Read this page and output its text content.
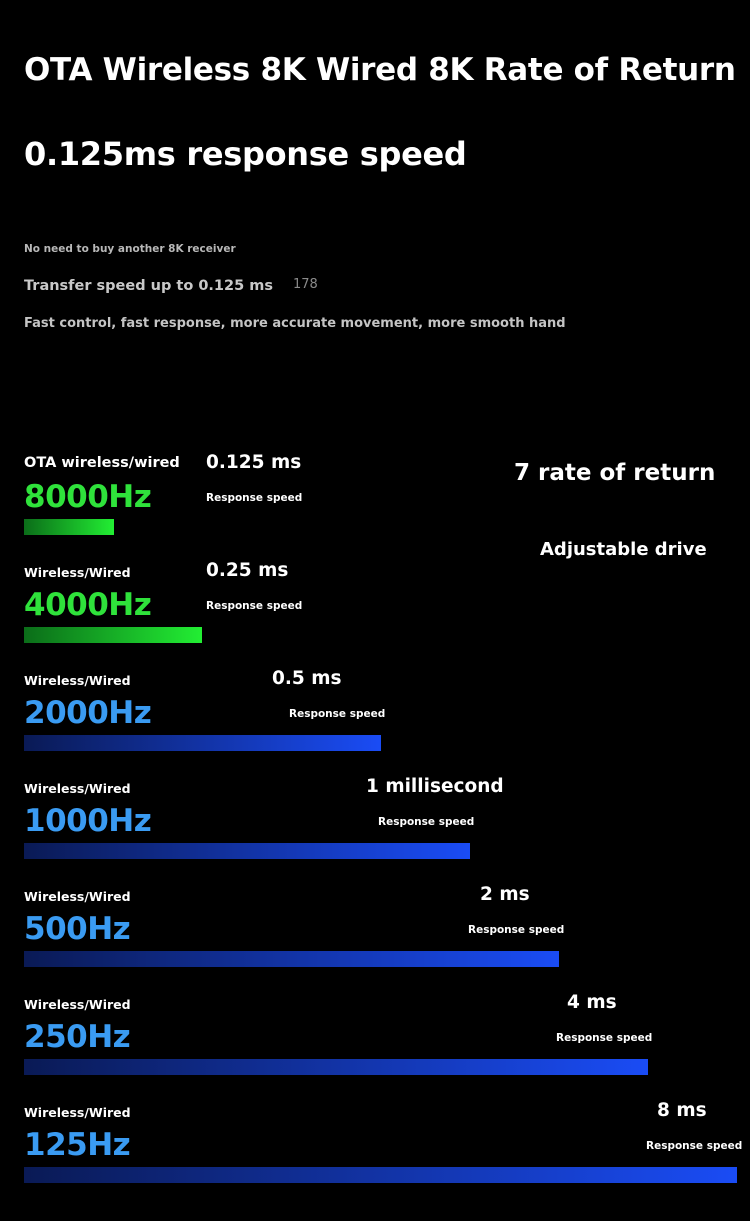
OTA Wireless 8K Wired 8K Rate of Return
0.125ms response speed
No need to buy another 8K receiver
Transfer speed up to 0.125 ms 178
Fast control, fast response, more accurate movement, more smooth hand
7 rate of return
Adjustable drive
OTA wireless/wired
8000Hz
0.125 ms
Response speed
Wireless/Wired
4000Hz
0.25 ms
Response speed
Wireless/Wired
2000Hz
0.5 ms
Response speed
Wireless/Wired
1000Hz
1 millisecond
Response speed
Wireless/Wired
500Hz
2 ms
Response speed
Wireless/Wired
250Hz
4 ms
Response speed
Wireless/Wired
125Hz
8 ms
Response speed
